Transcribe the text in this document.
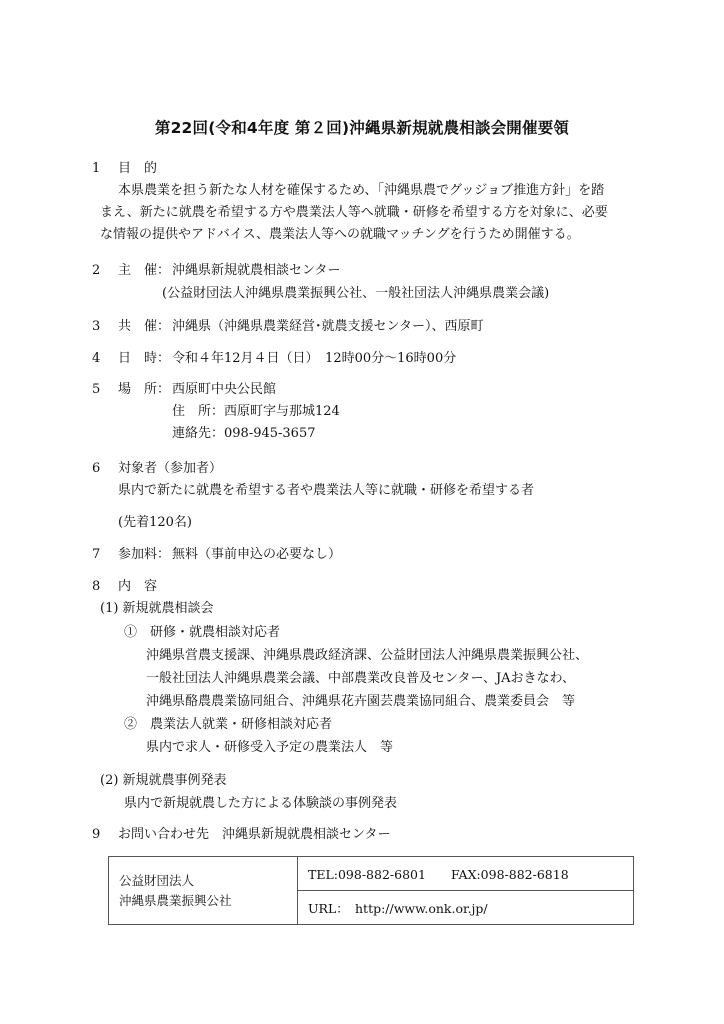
第22回(令和4年度 第２回)沖縄県新規就農相談会開催要領
1 目　的
本県農業を担う新たな人材を確保するため、「沖縄県農でグッジョブ推進方針」を踏
まえ、新たに就農を希望する方や農業法人等へ就職・研修を希望する方を対象に、必要
な情報の提供やアドバイス、農業法人等への就職マッチングを行うため開催する。
2 主　催： 沖縄県新規就農相談センター
(公益財団法人沖縄県農業振興公社、一般社団法人沖縄県農業会議)
3 共　催： 沖縄県（沖縄県農業経営･就農支援センター）、西原町
4 日　時： 令和４年12月４日（日）　12時00分～16時00分
5 場　所： 西原町中央公民館
住　所：西原町字与那城124
連絡先：098-945-3657
6 対象者（参加者）
県内で新たに就農を希望する者や農業法人等に就職・研修を希望する者
(先着120名)
7 参加料： 無料（事前申込の必要なし）
8 内　容
(1) 新規就農相談会
①　研修・就農相談対応者
沖縄県営農支援課、沖縄県農政経済課、公益財団法人沖縄県農業振興公社、
一般社団法人沖縄県農業会議、中部農業改良普及センター、JAおきなわ、
沖縄県酪農農業協同組合、沖縄県花卉園芸農業協同組合、農業委員会　等
②　農業法人就業・研修相談対応者
県内で求人・研修受入予定の農業法人　等
(2) 新規就農事例発表
県内で新規就農した方による体験談の事例発表
9 お問い合わせ先　沖縄県新規就農相談センター
公益財団法人
沖縄県農業振興公社
	TEL:098-882-6801　　FAX:098-882-6818
URL：　http://www.onk.or.jp/
